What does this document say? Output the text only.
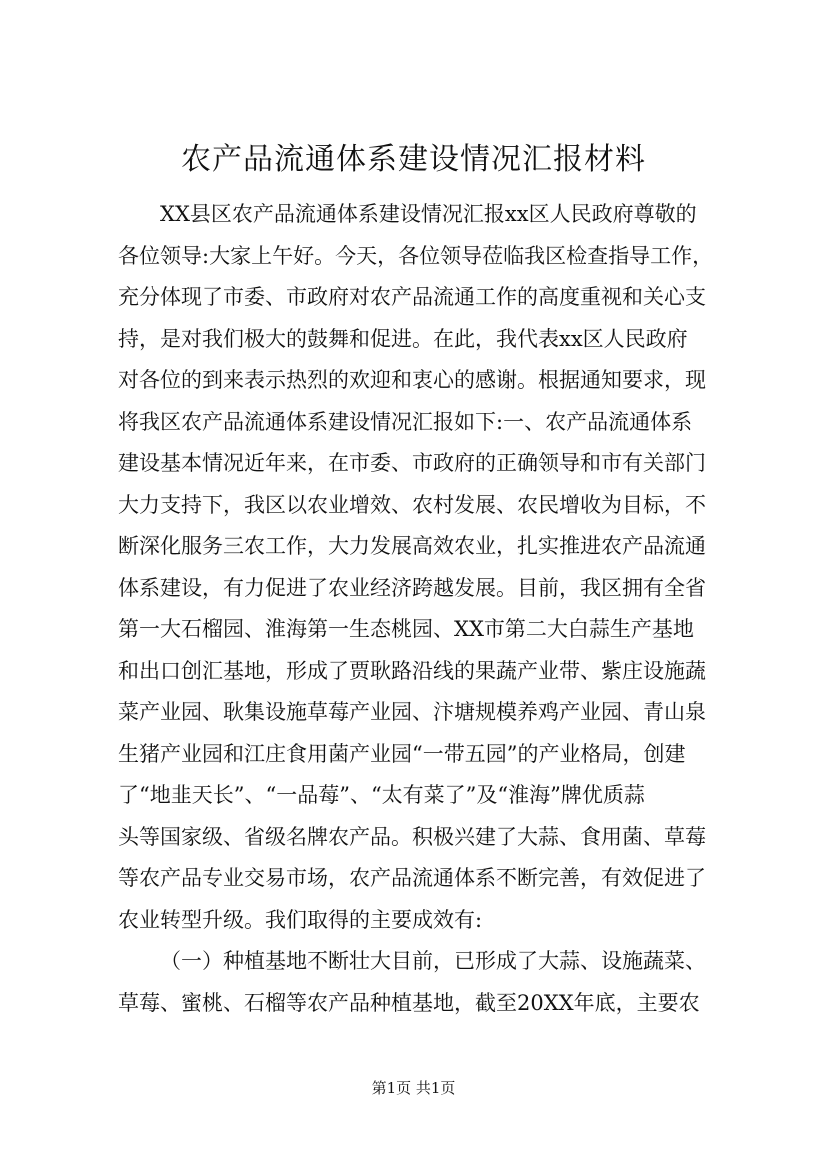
农产品流通体系建设情况汇报材料
XX县区农产品流通体系建设情况汇报xx区人民政府尊敬的
各位领导:大家上午好。今天，各位领导莅临我区检查指导工作，
充分体现了市委、市政府对农产品流通工作的高度重视和关心支
持，是对我们极大的鼓舞和促进。在此，我代表xx区人民政府
对各位的到来表示热烈的欢迎和衷心的感谢。根据通知要求，现
将我区农产品流通体系建设情况汇报如下:一、农产品流通体系
建设基本情况近年来，在市委、市政府的正确领导和市有关部门
大力支持下，我区以农业增效、农村发展、农民增收为目标，不
断深化服务三农工作，大力发展高效农业，扎实推进农产品流通
体系建设，有力促进了农业经济跨越发展。目前，我区拥有全省
第一大石榴园、淮海第一生态桃园、XX市第二大白蒜生产基地
和出口创汇基地，形成了贾耿路沿线的果蔬产业带、紫庄设施蔬
菜产业园、耿集设施草莓产业园、汴塘规模养鸡产业园、青山泉
生猪产业园和江庄食用菌产业园“一带五园”的产业格局，创建
了“地韭天长”、“一品莓”、“太有菜了”及“淮海”牌优质蒜
头等国家级、省级名牌农产品。积极兴建了大蒜、食用菌、草莓
等农产品专业交易市场，农产品流通体系不断完善，有效促进了
农业转型升级。我们取得的主要成效有:
（一）种植基地不断壮大目前，已形成了大蒜、设施蔬菜、
草莓、蜜桃、石榴等农产品种植基地，截至20XX年底，主要农
第1页 共1页
